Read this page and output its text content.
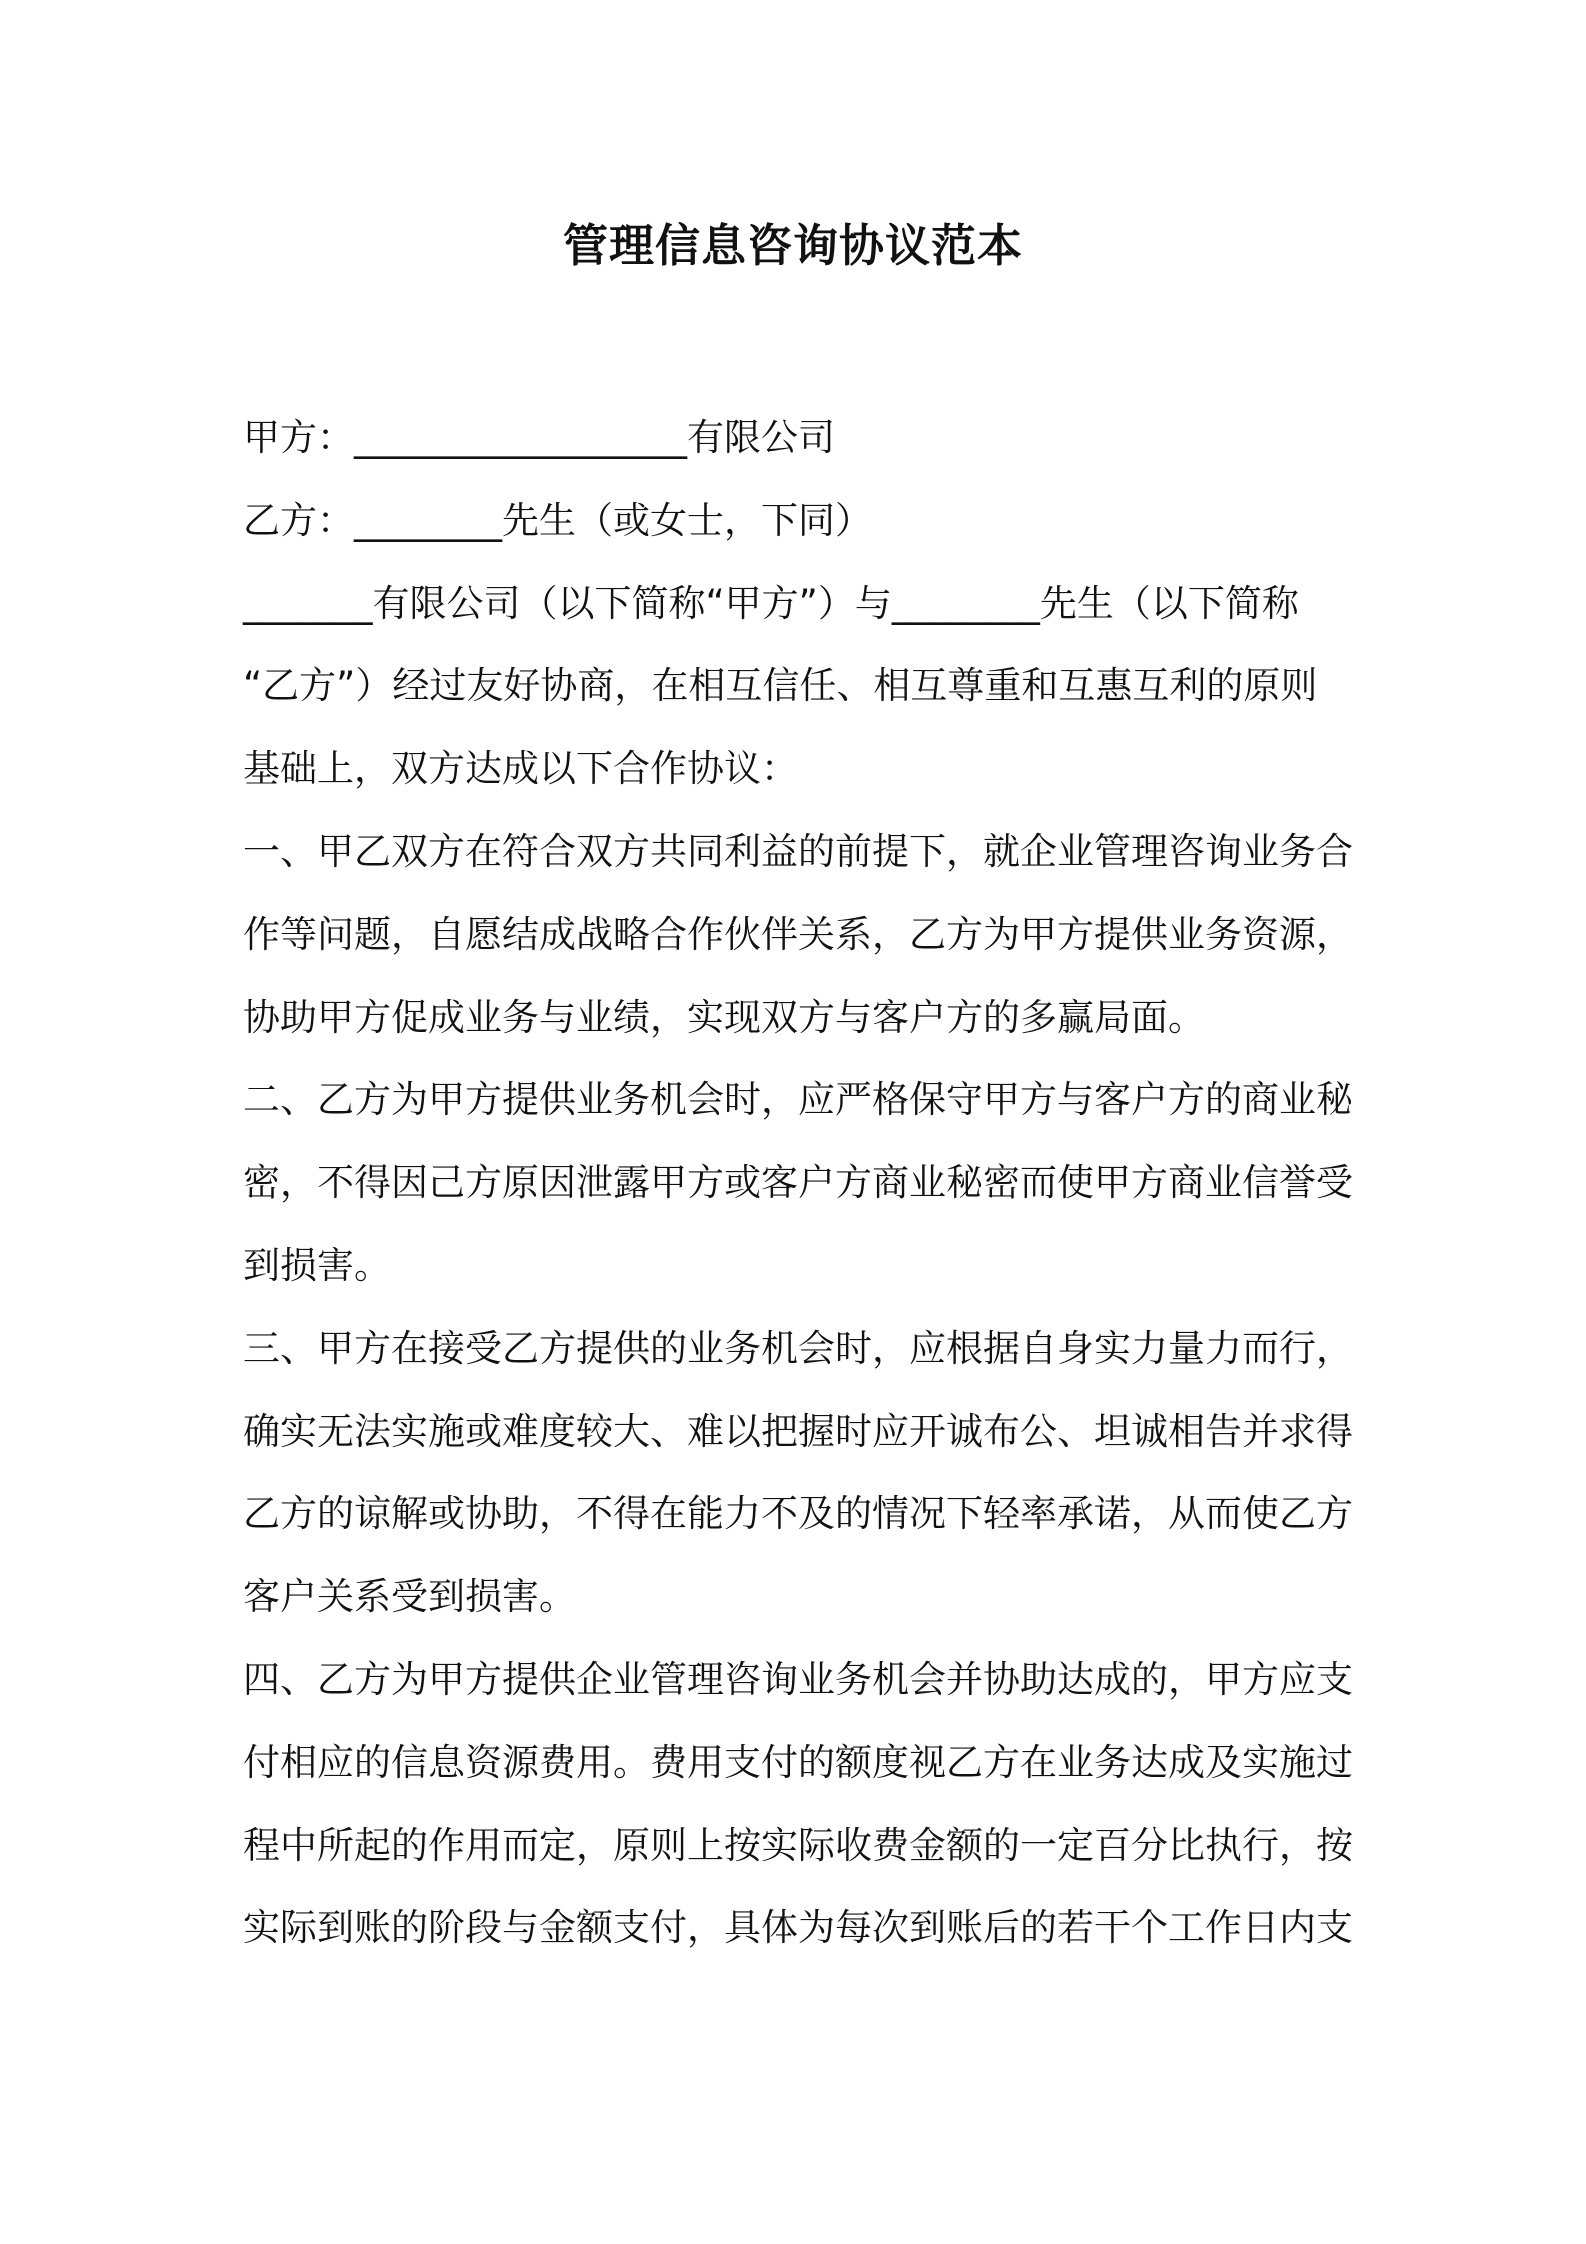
管理信息咨询协议范本

甲方：__________________有限公司

乙方：________先生（或女士，下同）

_______有限公司（以下简称“甲方”）与________先生（以下简称

“乙方”）经过友好协商，在相互信任、相互尊重和互惠互利的原则

基础上，双方达成以下合作协议：

一、甲乙双方在符合双方共同利益的前提下，就企业管理咨询业务合

作等问题，自愿结成战略合作伙伴关系，乙方为甲方提供业务资源，

协助甲方促成业务与业绩，实现双方与客户方的多赢局面。

二、乙方为甲方提供业务机会时，应严格保守甲方与客户方的商业秘

密，不得因己方原因泄露甲方或客户方商业秘密而使甲方商业信誉受

到损害。

三、甲方在接受乙方提供的业务机会时，应根据自身实力量力而行，

确实无法实施或难度较大、难以把握时应开诚布公、坦诚相告并求得

乙方的谅解或协助，不得在能力不及的情况下轻率承诺，从而使乙方

客户关系受到损害。

四、乙方为甲方提供企业管理咨询业务机会并协助达成的，甲方应支

付相应的信息资源费用。费用支付的额度视乙方在业务达成及实施过

程中所起的作用而定，原则上按实际收费金额的一定百分比执行，按

实际到账的阶段与金额支付，具体为每次到账后的若干个工作日内支
